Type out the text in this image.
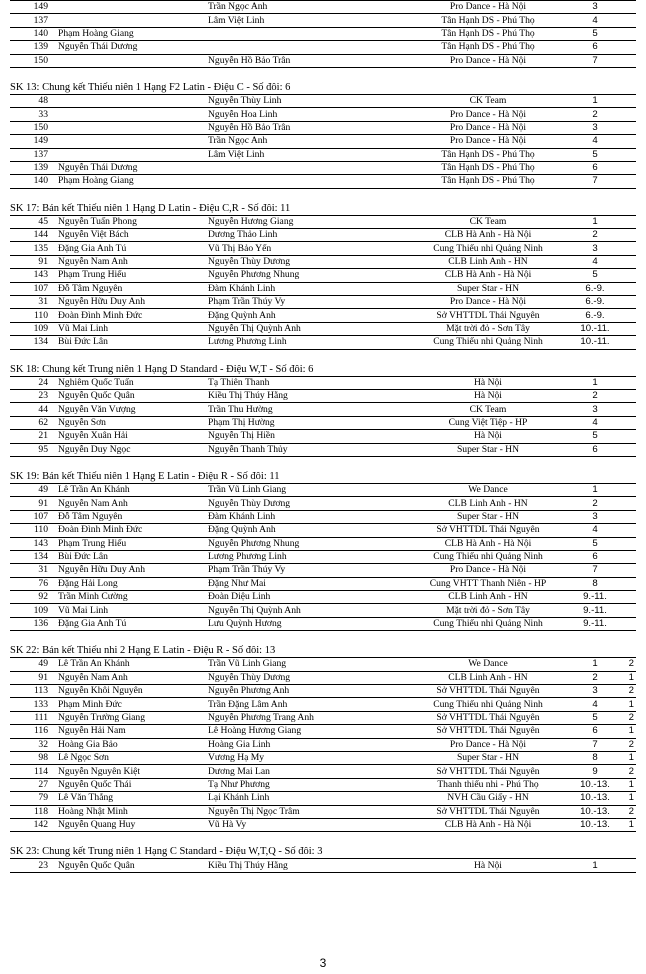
149		Trần Ngọc Anh	Pro Dance - Hà Nội	3	
137		Lâm Việt Linh	Tân Hạnh DS - Phú Thọ	4	
140	Phạm Hoàng Giang		Tân Hạnh DS - Phú Thọ	5	
139	Nguyễn Thái Dương		Tân Hạnh DS - Phú Thọ	6	
150		Nguyễn Hồ Bảo Trân	Pro Dance - Hà Nội	7	
SK 13: Chung kết Thiếu niên 1 Hạng F2 Latin - Điệu C - Số đôi: 6
48		Nguyễn Thùy Linh	CK Team	1	
33		Nguyễn Hoa Linh	Pro Dance - Hà Nội	2	
150		Nguyễn Hồ Bảo Trân	Pro Dance - Hà Nội	3	
149		Trần Ngọc Anh	Pro Dance - Hà Nội	4	
137		Lâm Việt Linh	Tân Hạnh DS - Phú Thọ	5	
139	Nguyễn Thái Dương		Tân Hạnh DS - Phú Thọ	6	
140	Phạm Hoàng Giang		Tân Hạnh DS - Phú Thọ	7	
SK 17: Bán kết Thiếu niên 1 Hạng D Latin - Điệu C,R - Số đôi: 11
45	Nguyễn Tuấn Phong	Nguyễn Hương Giang	CK Team	1	
144	Nguyễn Việt Bách	Dương Thảo Linh	CLB Hà Anh - Hà Nội	2	
135	Đặng Gia Anh Tú	Vũ Thị Bảo Yến	Cung Thiếu nhi Quảng Ninh	3	
91	Nguyễn Nam Anh	Nguyễn Thùy Dương	CLB Linh Anh - HN	4	
143	Phạm Trung Hiếu	Nguyễn Phương Nhung	CLB Hà Anh - Hà Nội	5	
107	Đỗ Tâm Nguyên	Đàm Khánh Linh	Super Star - HN	6.-9.	
31	Nguyễn Hữu Duy Anh	Phạm Trần Thúy Vy	Pro Dance - Hà Nội	6.-9.	
110	Đoàn Đình Minh Đức	Đặng Quỳnh Anh	Sở VHTTDL Thái Nguyên	6.-9.	
109	Vũ Mai Linh	Nguyễn Thị Quỳnh Anh	Mặt trời đỏ - Sơn Tây	10.-11.	
134	Bùi Đức Lân	Lương Phương Linh	Cung Thiếu nhi Quảng Ninh	10.-11.	
SK 18: Chung kết Trung niên 1 Hạng D Standard - Điệu W,T - Số đôi: 6
24	Nghiêm Quốc Tuấn	Tạ Thiên Thanh	Hà Nội	1	
23	Nguyễn Quốc Quân	Kiều Thị Thúy Hằng	Hà Nội	2	
44	Nguyễn Văn Vượng	Trần Thu Hường	CK Team	3	
62	Nguyễn Sơn	Phạm Thị Hường	Cung Việt Tiệp - HP	4	
21	Nguyễn Xuân Hải	Nguyễn Thị Hiền	Hà Nội	5	
95	Nguyễn Duy Ngọc	Nguyễn Thanh Thủy	Super Star - HN	6	
SK 19: Bán kết Thiếu niên 1 Hạng E Latin - Điệu R - Số đôi: 11
49	Lê Trần An Khánh	Trần Vũ Linh Giang	We Dance	1	
91	Nguyễn Nam Anh	Nguyễn Thùy Dương	CLB Linh Anh - HN	2	
107	Đỗ Tâm Nguyên	Đàm Khánh Linh	Super Star - HN	3	
110	Đoàn Đình Minh Đức	Đặng Quỳnh Anh	Sở VHTTDL Thái Nguyên	4	
143	Phạm Trung Hiếu	Nguyễn Phương Nhung	CLB Hà Anh - Hà Nội	5	
134	Bùi Đức Lân	Lương Phương Linh	Cung Thiếu nhi Quảng Ninh	6	
31	Nguyễn Hữu Duy Anh	Phạm Trần Thúy Vy	Pro Dance - Hà Nội	7	
76	Đặng Hải Long	Đặng Như Mai	Cung VHTT Thanh Niên - HP	8	
92	Trần Minh Cường	Đoàn Diệu Linh	CLB Linh Anh - HN	9.-11.	
109	Vũ Mai Linh	Nguyễn Thị Quỳnh Anh	Mặt trời đỏ - Sơn Tây	9.-11.	
136	Đặng Gia Anh Tú	Lưu Quỳnh Hương	Cung Thiếu nhi Quảng Ninh	9.-11.	
SK 22: Bán kết Thiếu nhi 2 Hạng E Latin - Điệu R - Số đôi: 13
49	Lê Trần An Khánh	Trần Vũ Linh Giang	We Dance	1	2
91	Nguyễn Nam Anh	Nguyễn Thùy Dương	CLB Linh Anh - HN	2	1
113	Nguyễn Khôi Nguyên	Nguyễn Phương Anh	Sở VHTTDL Thái Nguyên	3	2
133	Phạm Minh Đức	Trần Đặng Lâm Anh	Cung Thiếu nhi Quảng Ninh	4	1
111	Nguyễn Trường Giang	Nguyễn Phương Trang Anh	Sở VHTTDL Thái Nguyên	5	2
116	Nguyễn Hải Nam	Lê Hoàng Hương Giang	Sở VHTTDL Thái Nguyên	6	1
32	Hoàng Gia Bảo	Hoàng Gia Linh	Pro Dance - Hà Nội	7	2
98	Lê Ngọc Sơn	Vương Hạ My	Super Star - HN	8	1
114	Nguyễn Nguyên Kiệt	Dương Mai Lan	Sở VHTTDL Thái Nguyên	9	2
27	Nguyễn Quốc Thái	Tạ Như Phương	Thanh thiếu nhi - Phú Thọ	10.-13.	1
79	Lê Văn Thắng	Lại Khánh Linh	NVH Cầu Giấy - HN	10.-13.	1
118	Hoàng Nhật Minh	Nguyễn Thị Ngọc Trâm	Sở VHTTDL Thái Nguyên	10.-13.	2
142	Nguyễn Quang Huy	Vũ Hà Vy	CLB Hà Anh - Hà Nội	10.-13.	1
SK 23: Chung kết Trung niên 1 Hạng C Standard - Điệu W,T,Q - Số đôi: 3
23	Nguyễn Quốc Quân	Kiều Thị Thúy Hằng	Hà Nội	1	
3
